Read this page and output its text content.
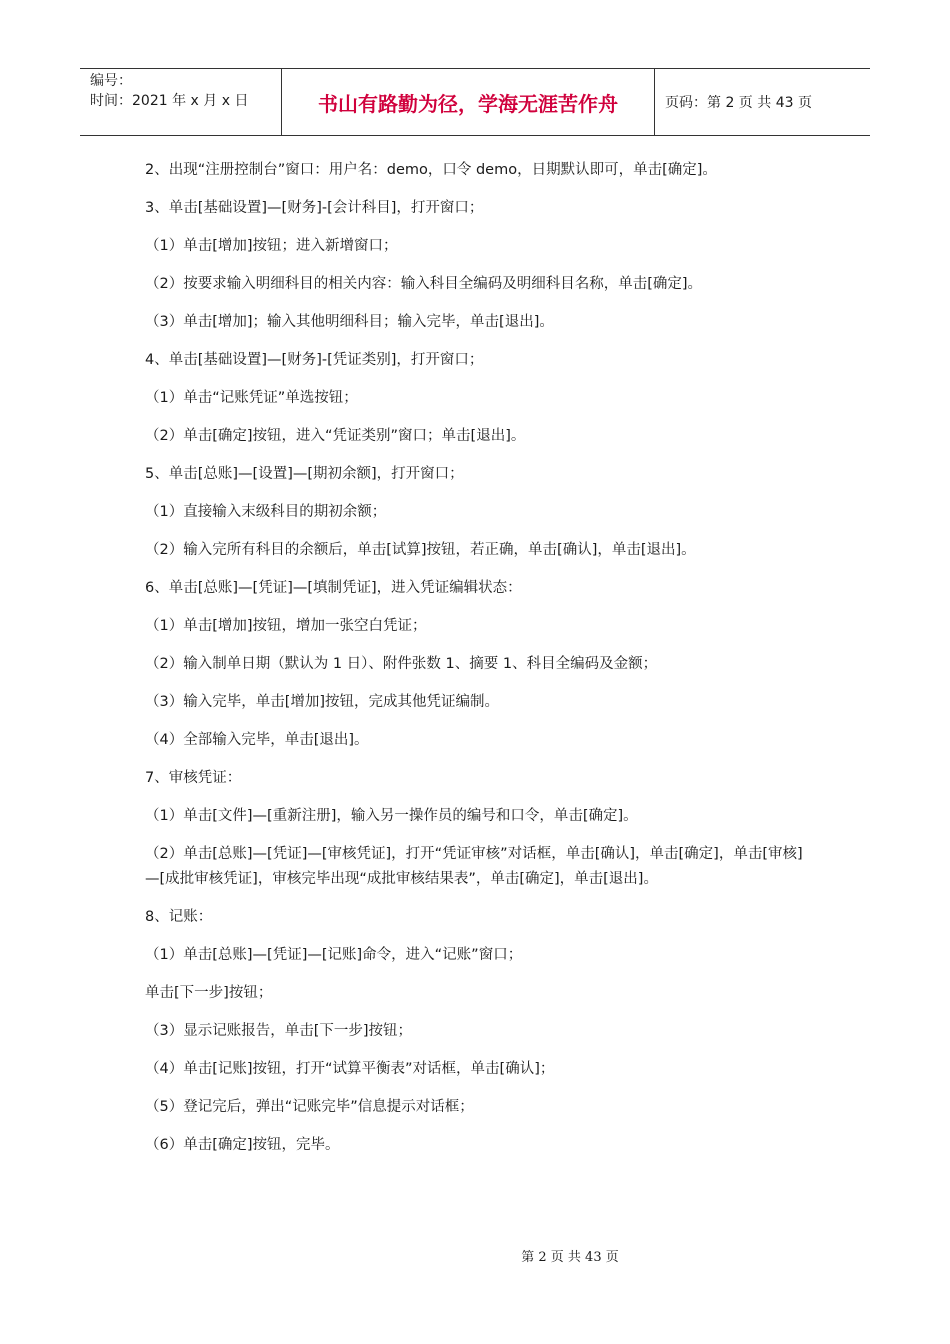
编号：
时间：2021 年 x 月 x 日	书山有路勤为径，学海无涯苦作舟	页码：第 2 页 共 43 页

2、出现“注册控制台”窗口：用户名：demo，口令 demo，日期默认即可，单击[确定]。

3、单击[基础设置]—[财务]-[会计科目]，打开窗口；

（1）单击[增加]按钮；进入新增窗口；

（2）按要求输入明细科目的相关内容：输入科目全编码及明细科目名称，单击[确定]。

（3）单击[增加]；输入其他明细科目；输入完毕，单击[退出]。

4、单击[基础设置]—[财务]-[凭证类别]，打开窗口；

（1）单击“记账凭证”单选按钮；

（2）单击[确定]按钮，进入“凭证类别”窗口；单击[退出]。

5、单击[总账]—[设置]—[期初余额]，打开窗口；

（1）直接输入末级科目的期初余额；

（2）输入完所有科目的余额后，单击[试算]按钮，若正确，单击[确认]，单击[退出]。

6、单击[总账]—[凭证]—[填制凭证]，进入凭证编辑状态：

（1）单击[增加]按钮，增加一张空白凭证；

（2）输入制单日期（默认为 1 日）、附件张数 1、摘要 1、科目全编码及金额；

（3）输入完毕，单击[增加]按钮，完成其他凭证编制。

（4）全部输入完毕，单击[退出]。

7、审核凭证：

（1）单击[文件]—[重新注册]，输入另一操作员的编号和口令，单击[确定]。

（2）单击[总账]—[凭证]—[审核凭证]，打开“凭证审核”对话框，单击[确认]，单击[确定]，单击[审核]—[成批审核凭证]，审核完毕出现“成批审核结果表”，单击[确定]，单击[退出]。

8、记账：

（1）单击[总账]—[凭证]—[记账]命令，进入“记账”窗口；

单击[下一步]按钮；

（3）显示记账报告，单击[下一步]按钮；

（4）单击[记账]按钮，打开“试算平衡表”对话框，单击[确认]；

（5）登记完后，弹出“记账完毕”信息提示对话框；

（6）单击[确定]按钮，完毕。

第 2 页 共 43 页
